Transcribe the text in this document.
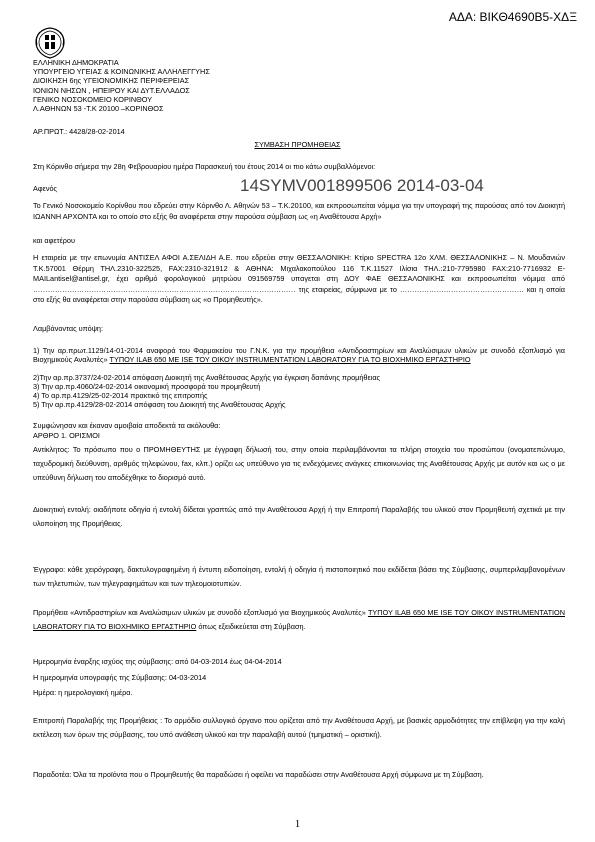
ΑΔΑ: ΒΙΚΘ4690Β5-ΧΔΞ
ΕΛΛΗΝΙΚΗ ΔΗΜΟΚΡΑΤΙΑ
ΥΠΟΥΡΓΕΙΟ ΥΓΕΙΑΣ & ΚΟΙΝΩΝΙΚΗΣ ΑΛΛΗΛΕΓΓΥΗΣ
ΔΙΟΙΚΗΣΗ 6ης ΥΓΕΙΟΝΟΜΙΚΗΣ ΠΕΡΙΦΕΡΕΙΑΣ
ΙΟΝΙΩΝ ΝΗΣΩΝ , ΗΠΕΙΡΟΥ ΚΑΙ ΔΥΤ.ΕΛΛΑΔΟΣ
ΓΕΝΙΚΟ ΝΟΣΟΚΟΜΕΙΟ ΚΟΡΙΝΘΟΥ
Λ.ΑΘΗΝΩΝ 53 -Τ.Κ 20100 –ΚΟΡΙΝΘΟΣ
ΑΡ.ΠΡΩΤ.: 4428/28-02-2014
ΣΥΜΒΑΣΗ ΠΡΟΜΗΘΕΙΑΣ
Στη Κόρινθο σήμερα την 28η Φεβρουαρίου ημέρα Παρασκευή του έτους 2014 οι πιο κάτω συμβαλλόμενοι:
Αφενός	14SYMV001899506 2014-03-04
Το Γενικό Νοσοκομείο Κορίνθου που εδρεύει στην Κόρινθο Λ. Αθηνών 53 – Τ.Κ.20100, και εκπροσωπείται νόμιμα για την υπογραφή της παρούσας από τον Διοικητή ΙΩΑΝΝΗ ΑΡΧΟΝΤΑ και το οποίο στο εξής θα αναφέρεται στην παρούσα σύμβαση ως «η Αναθέτουσα Αρχή»
και αφετέρου
Η εταιρεία με την επωνυμία ΑΝΤΙΣΕΛ ΑΦΟΙ Α.ΣΕΛΙΔΗ Α.Ε. που εδρεύει στην ΘΕΣΣΑΛΟΝΙΚΗ: Κτίριο SPECTRA 12ο ΧΛΜ. ΘΕΣΣΑΛΟΝΙΚΗΣ – Ν. Μουδανιών Τ.Κ.57001 Θέρμη ΤΗΛ.2310-322525, FAX:2310-321912 & ΑΘΗΝΑ: Μιχαλακοπούλου 116 Τ.Κ.11527 Ιλίσια ΤΗΛ.:210-7795980 FAX:210-7716932 E-MAILantisel@antisel.gr, έχει αριθμό φορολογικού μητρώου 091569759 υπαγεται στη ΔΟΥ ΦΑΕ ΘΕΣΣΑΛΟΝΙΚΗΣ και εκπροσωπείται νόμιμα από ……………………………………………………………………………………………… της εταιρείας, σύμφωνα με το …………………………………………… και η οποία στο εξής θα αναφέρεται στην παρούσα σύμβαση ως «ο Προμηθευτής».
Λαμβάνοντας υπόψη:
1) Την αρ.πρωτ.1129/14-01-2014 αναφορά του Φαρμακείου του Γ.Ν.Κ. για την προμήθεια «Αντιδραστηρίων και Αναλώσιμων υλικών με συνοδό εξοπλισμό για Βιοχημικούς Αναλυτές» ΤΥΠΟΥ ILAB 650 ΜΕ ISE ΤΟΥ ΟΙΚΟΥ INSTRUMENTATION LABORATORY ΓΙΑ ΤΟ ΒΙΟΧΗΜΙΚΟ ΕΡΓΑΣΤΗΡΙΟ
2)Την αρ.πρ.3737/24-02-2014 απόφαση Διοικητή της Αναθέτουσας Αρχής για έγκριση δαπάνης προμήθειας
3) Την αρ.πρ.4060/24-02-2014 οικονομική προσφορά του προμηθευτή
4) Το αρ.πρ.4129/25-02-2014 πρακτικό της επιτροπής
5) Την αρ.πρ.4129/28-02-2014 απόφαση του Διοικητή της Αναθέτουσας Αρχής
Συμφώνησαν και έκαναν αμοιβαία αποδεκτά τα ακόλουθα:
ΑΡΘΡΟ 1. ΟΡΙΣΜΟΙ
Αντίκλητος: Το πρόσωπο που ο ΠΡΟΜΗΘΕΥΤΗΣ με έγγραφη δήλωσή του, στην οποία περιλαμβάνονται τα πλήρη στοιχεία του προσώπου (ονοματεπώνυμο, ταχυδρομική διεύθυνση, αριθμός τηλεφώνου, fax, κλπ.) ορίζει ως υπεύθυνο για τις ενδεχόμενες ανάγκες επικοινωνίας της Αναθέτουσας Αρχής με αυτόν και ως ο με υπεύθυνη δήλωση του αποδέχθηκε το διορισμό αυτό.
Διοικητική εντολή: οιαδήποτε οδηγία ή εντολή δίδεται γραπτώς από την Αναθέτουσα Αρχή ή την Επιτροπή Παραλαβής του υλικού στον Προμηθευτή σχετικά με την υλοποίηση της Προμήθειας.
Έγγραφο: κάθε χειρόγραφη, δακτυλογραφημένη ή έντυπη ειδοποίηση, εντολή ή οδηγία ή πιστοποιητικό που εκδίδεται βάσει της Σύμβασης, συμπεριλαμβανομένων των τηλετυπιών, των τηλεγραφημάτων και των τηλεομοιοτυπιών.
Προμήθεια «Αντιδραστηρίων και Αναλώσιμων υλικών με συνοδό εξοπλισμό για Βιοχημικούς Αναλυτές» ΤΥΠΟΥ ILAB 650 ΜΕ ISE ΤΟΥ ΟΙΚΟΥ INSTRUMENTATION LABORATORY ΓΙΑ ΤΟ ΒΙΟΧΗΜΙΚΟ ΕΡΓΑΣΤΗΡΙΟ όπως εξειδικεύεται στη Σύμβαση.
Ημερομηνία έναρξης ισχύος της σύμβασης: από 04-03-2014 έως 04-04-2014
Η ημερομηνία υπογραφής της Σύμβασης: 04-03-2014
Ημέρα: η ημερολογιακή ημέρα.
Επιτροπή Παραλαβής της Προμήθειας : Το αρμόδιο συλλογικό όργανο που ορίζεται από την Αναθέτουσα Αρχή, με βασικές αρμοδιότητες την επίβλεψη για την καλή εκτέλεση των όρων της σύμβασης, του υπό ανάθεση υλικού και την παραλαβή αυτού (τμηματική – οριστική).
Παραδοτέα: Όλα τα προϊόντα που ο Προμηθευτής θα παραδώσει ή οφείλει να παραδώσει στην Αναθέτουσα Αρχή σύμφωνα με τη Σύμβαση.
1
